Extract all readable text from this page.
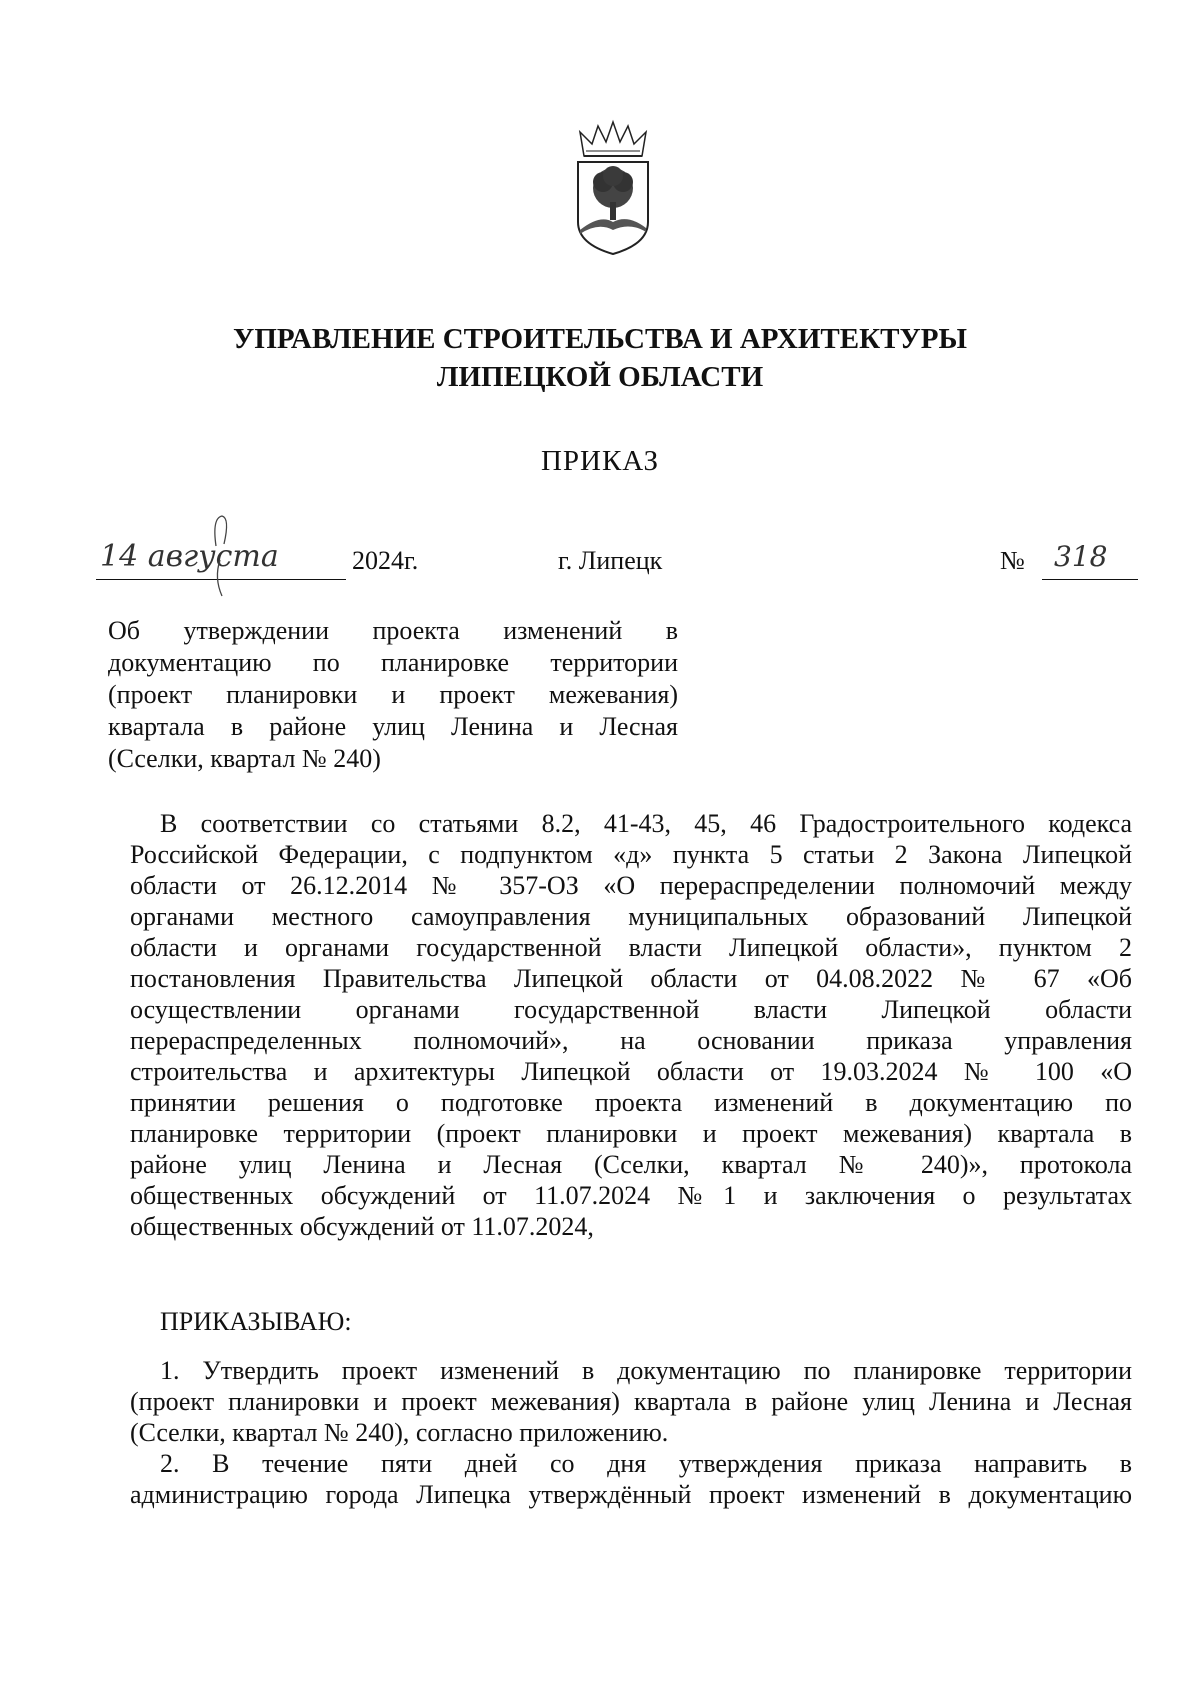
УПРАВЛЕНИЕ СТРОИТЕЛЬСТВА И АРХИТЕКТУРЫ
ЛИПЕЦКОЙ ОБЛАСТИ
ПРИКАЗ
14 августа	2024г.	г. Липецк	№	318
Об утверждении проекта изменений в
документацию по планировке территории
(проект планировки и проект межевания)
квартала в районе улиц Ленина и Лесная
(Сселки, квартал № 240)
В соответствии со статьями 8.2, 41-43, 45, 46 Градостроительного кодекса
Российской Федерации, с подпунктом «д» пункта 5 статьи 2 Закона Липецкой
области от 26.12.2014 № 357-ОЗ «О перераспределении полномочий между
органами местного самоуправления муниципальных образований Липецкой
области и органами государственной власти Липецкой области», пунктом 2
постановления Правительства Липецкой области от 04.08.2022 № 67 «Об
осуществлении органами государственной власти Липецкой области
перераспределенных полномочий», на основании приказа управления
строительства и архитектуры Липецкой области от 19.03.2024 № 100 «О
принятии решения о подготовке проекта изменений в документацию по
планировке территории (проект планировки и проект межевания) квартала в
районе улиц Ленина и Лесная (Сселки, квартал № 240)», протокола
общественных обсуждений от 11.07.2024 №1 и заключения о результатах
общественных обсуждений от 11.07.2024,
ПРИКАЗЫВАЮ:
1. Утвердить проект изменений в документацию по планировке территории
(проект планировки и проект межевания) квартала в районе улиц Ленина и Лесная
(Сселки, квартал № 240), согласно приложению.
2. В течение пяти дней со дня утверждения приказа направить в
администрацию города Липецка утверждённый проект изменений в документацию
